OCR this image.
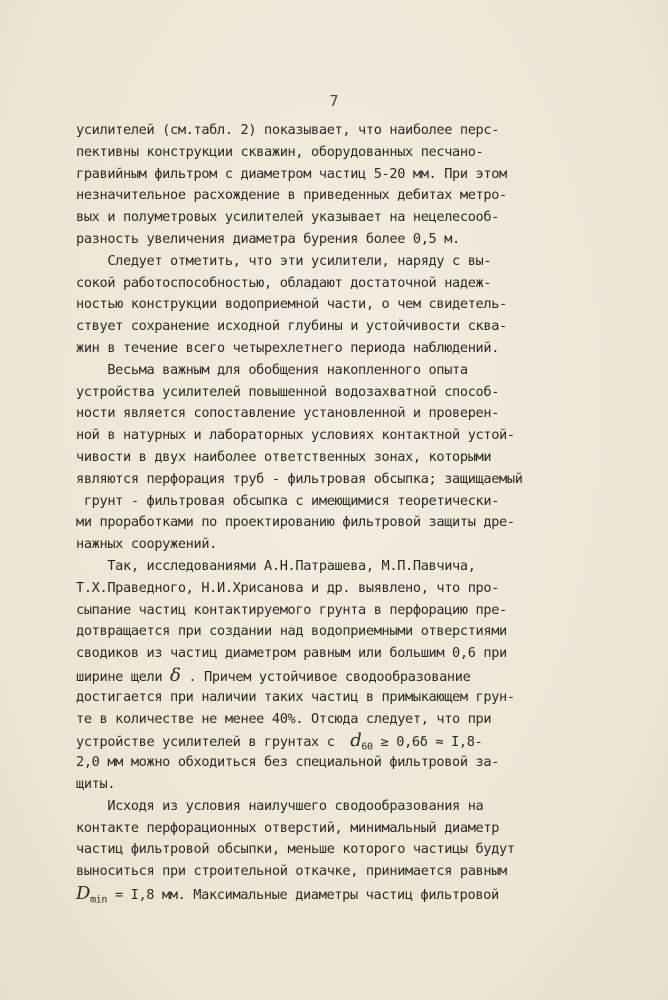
7
усилителей (см.табл. 2) показывает, что наиболее перс-
пективны конструкции скважин, оборудованных песчано-
гравийным фильтром с диаметром частиц 5-20 мм. При этом
незначительное расхождение в приведенных дебитах метро-
вых и полуметровых усилителей указывает на нецелесооб-
разность увеличения диаметра бурения более 0,5 м.
Следует отметить, что эти усилители, наряду с вы-
сокой работоспособностью, обладают достаточной надеж-
ностью конструкции водоприемной части, о чем свидетель-
ствует сохранение исходной глубины и устойчивости сква-
жин в течение всего четырехлетнего периода наблюдений.
Весьма важным для обобщения накопленного опыта
устройства усилителей повышенной водозахватной способ-
ности является сопоставление установленной и проверен-
ной в натурных и лабораторных условиях контактной устой-
чивости в двух наиболее ответственных зонах, которыми
являются перфорация труб - фильтровая обсыпка; защищаемый
грунт - фильтровая обсыпка с имеющимися теоретически-
ми проработками по проектированию фильтровой защиты дре-
нажных сооружений.
Так, исследованиями А.Н.Патрашева, М.П.Павчича,
Т.Х.Праведного, Н.И.Хрисанова и др. выявлено, что про-
сыпание частиц контактируемого грунта в перфорацию пре-
дотвращается при создании над водоприемными отверстиями
сводиков из частиц диаметром равным или большим 0,6 при
ширине щели δ . Причем устойчивое сводообразование
достигается при наличии таких частиц в примыкающем грун-
те в количестве не менее 40%. Отсюда следует, что при
устройстве усилителей в грунтах с $d_{60} \ge 0,6\delta \approx I,8-$
2,0 мм можно обходиться без специальной фильтровой за-
щиты.
Исходя из условия наилучшего сводообразования на
контакте перфорационных отверстий, минимальный диаметр
частиц фильтровой обсыпки, меньше которого частицы будут
выноситься при строительной откачке, принимается равным
$D_{min} = I,8$ мм. Максимальные диаметры частиц фильтровой
